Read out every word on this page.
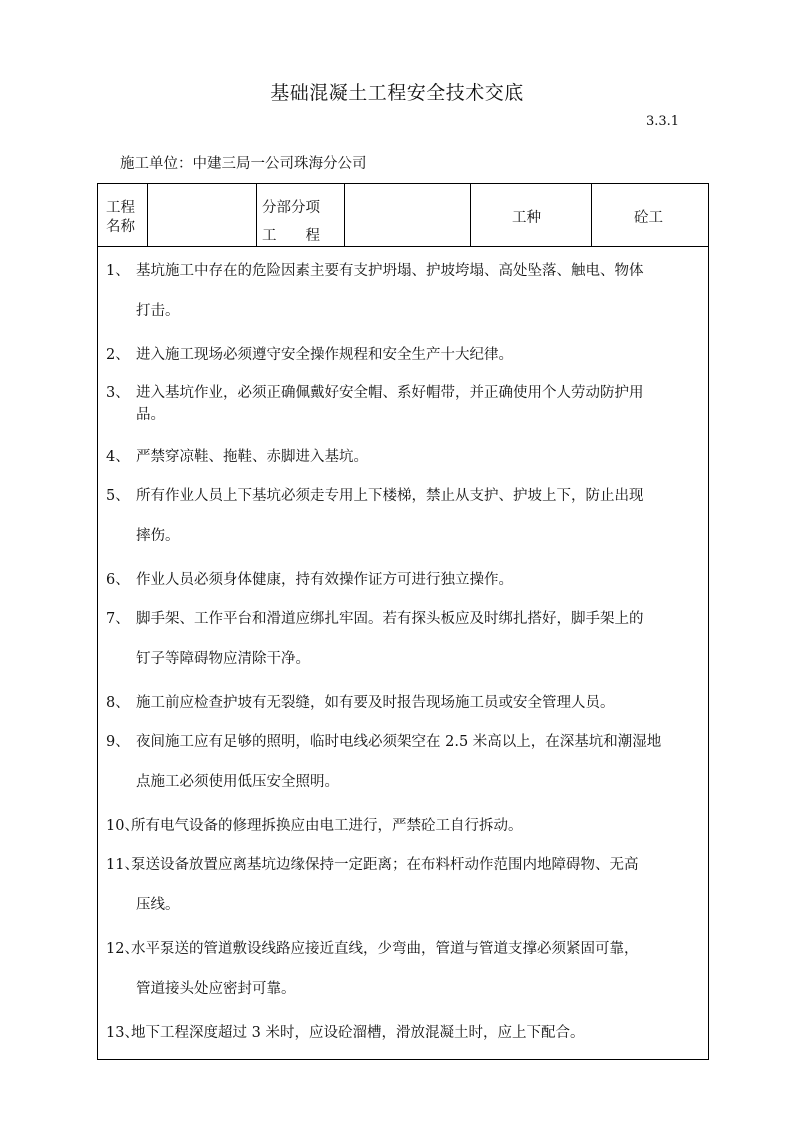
基础混凝土工程安全技术交底
3.3.1
施工单位：中建三局一公司珠海分公司
工程
名称
分部分项
工　　程
工种	砼工
1、 基坑施工中存在的危险因素主要有支护坍塌、护坡垮塌、高处坠落、触电、物体
打击。
2、 进入施工现场必须遵守安全操作规程和安全生产十大纪律。
3、 进入基坑作业，必须正确佩戴好安全帽、系好帽带，并正确使用个人劳动防护用
品。
4、 严禁穿凉鞋、拖鞋、赤脚进入基坑。
5、 所有作业人员上下基坑必须走专用上下楼梯，禁止从支护、护坡上下，防止出现
摔伤。
6、 作业人员必须身体健康，持有效操作证方可进行独立操作。
7、 脚手架、工作平台和滑道应绑扎牢固。若有探头板应及时绑扎搭好，脚手架上的
钉子等障碍物应清除干净。
8、 施工前应检查护坡有无裂缝，如有要及时报告现场施工员或安全管理人员。
9、 夜间施工应有足够的照明，临时电线必须架空在 2.5 米高以上，在深基坑和潮湿地
点施工必须使用低压安全照明。
10、
所有电气设备的修理拆换应由电工进行，严禁砼工自行拆动。
11、
泵送设备放置应离基坑边缘保持一定距离；在布料杆动作范围内地障碍物、无高
压线。
12、
水平泵送的管道敷设线路应接近直线，少弯曲，管道与管道支撑必须紧固可靠，
管道接头处应密封可靠。
13、
地下工程深度超过 3 米时，应设砼溜槽，滑放混凝土时，应上下配合。
